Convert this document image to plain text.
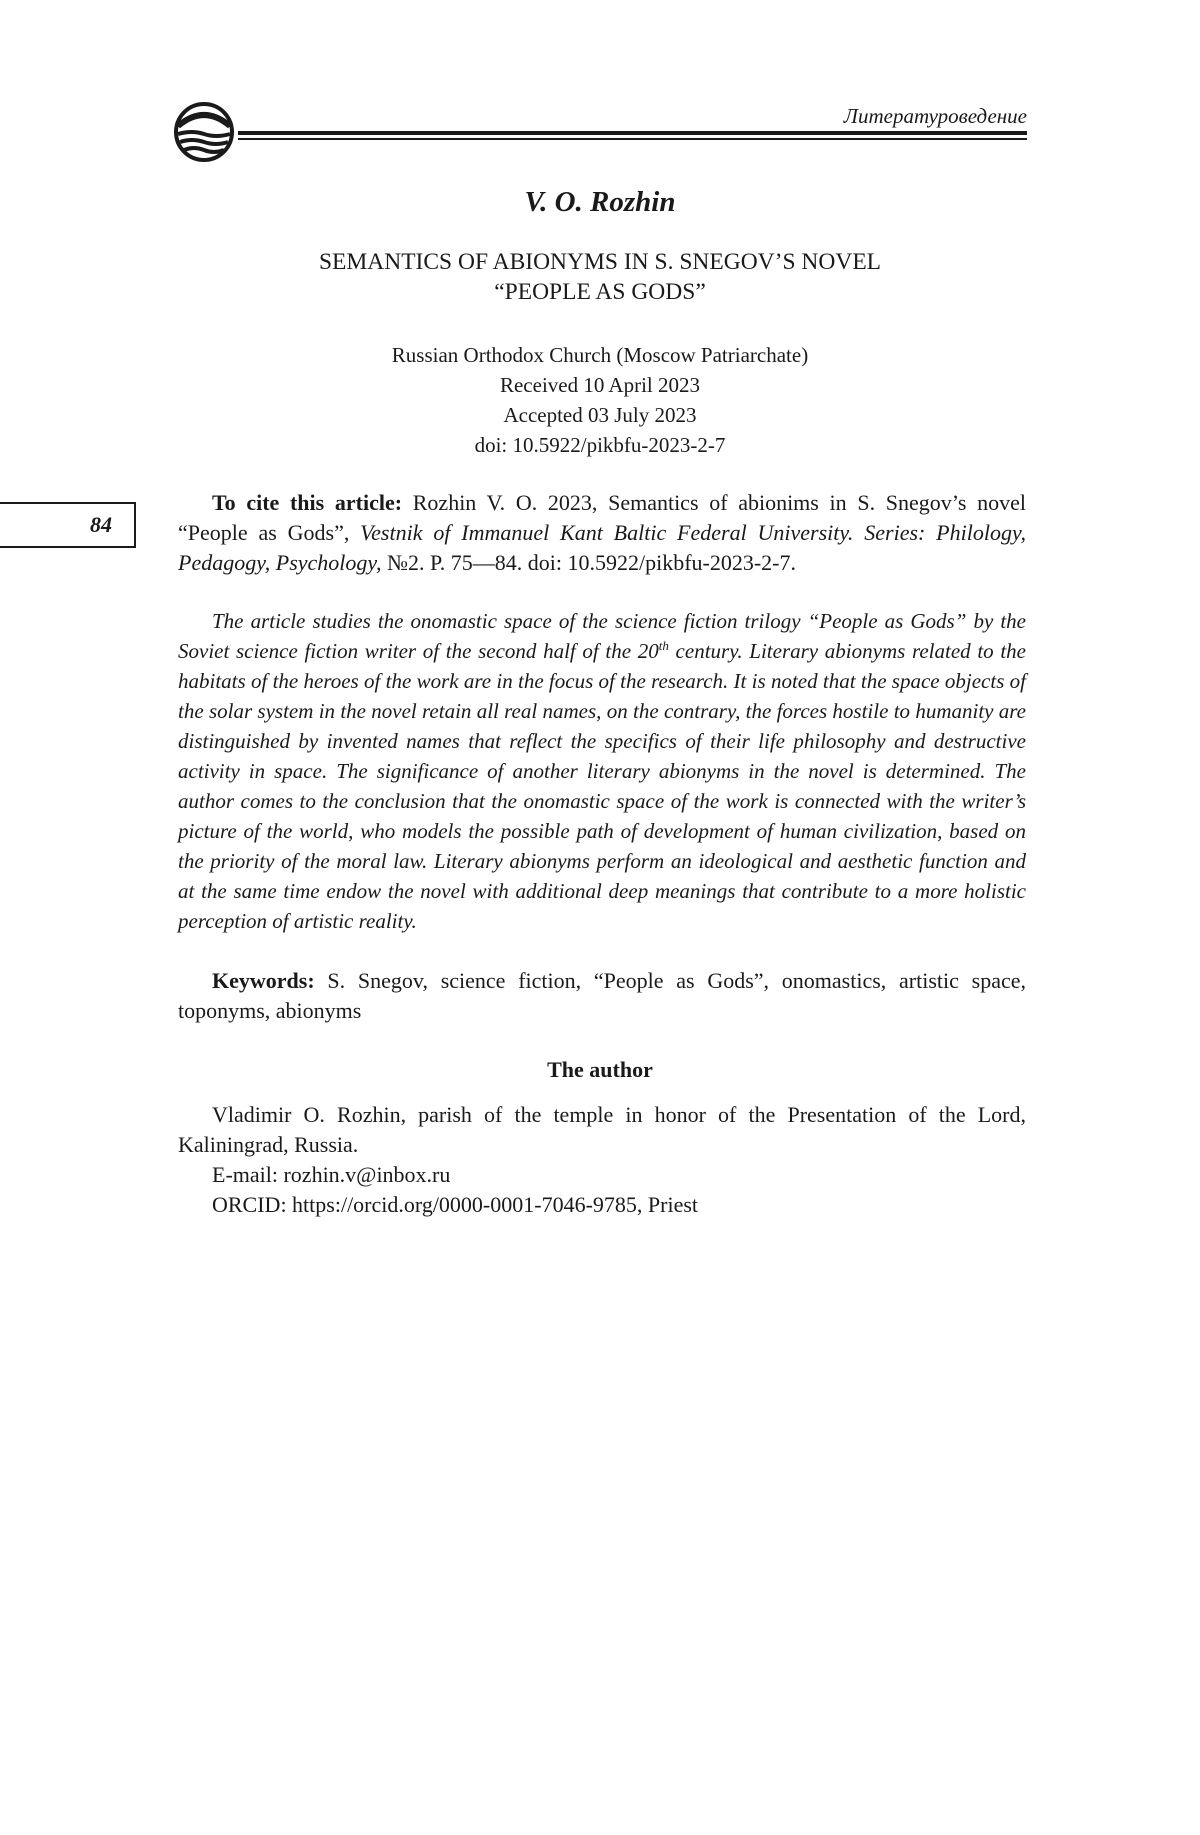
Литературоведение
V. O. Rozhin
SEMANTICS OF ABIONYMS IN S. SNEGOV’S NOVEL
“PEOPLE AS GODS”
Russian Orthodox Church (Moscow Patriarchate)
Received 10 April 2023
Accepted 03 July 2023
doi: 10.5922/pikbfu-2023-2-7
84
To cite this article: Rozhin V. O. 2023, Semantics of abionims in S. Snegov’s novel “People as Gods”, Vestnik of Immanuel Kant Baltic Federal University. Series: Philology, Pedagogy, Psychology, №2. P. 75—84. doi: 10.5922/pikbfu-2023-2-7.
The article studies the onomastic space of the science fiction trilogy “People as Gods” by the Soviet science fiction writer of the second half of the 20th century. Literary abionyms related to the habitats of the heroes of the work are in the focus of the research. It is noted that the space objects of the solar system in the novel retain all real names, on the contrary, the forces hostile to humanity are distinguished by invented names that reflect the specifics of their life philosophy and destructive activity in space. The significance of another literary abionyms in the novel is determined. The author comes to the conclusion that the onomastic space of the work is connected with the writer’s picture of the world, who models the possible path of development of human civilization, based on the priority of the moral law. Literary abionyms perform an ideological and aesthetic function and at the same time endow the novel with additional deep meanings that contribute to a more holistic perception of artistic reality.
Keywords: S. Snegov, science fiction, “People as Gods”, onomastics, artistic space, toponyms, abionyms
The author

Vladimir O. Rozhin, parish of the temple in honor of the Presentation of the Lord, Kaliningrad, Russia.

E-mail: rozhin.v@inbox.ru

ORCID: https://orcid.org/0000-0001-7046-9785, Priest
